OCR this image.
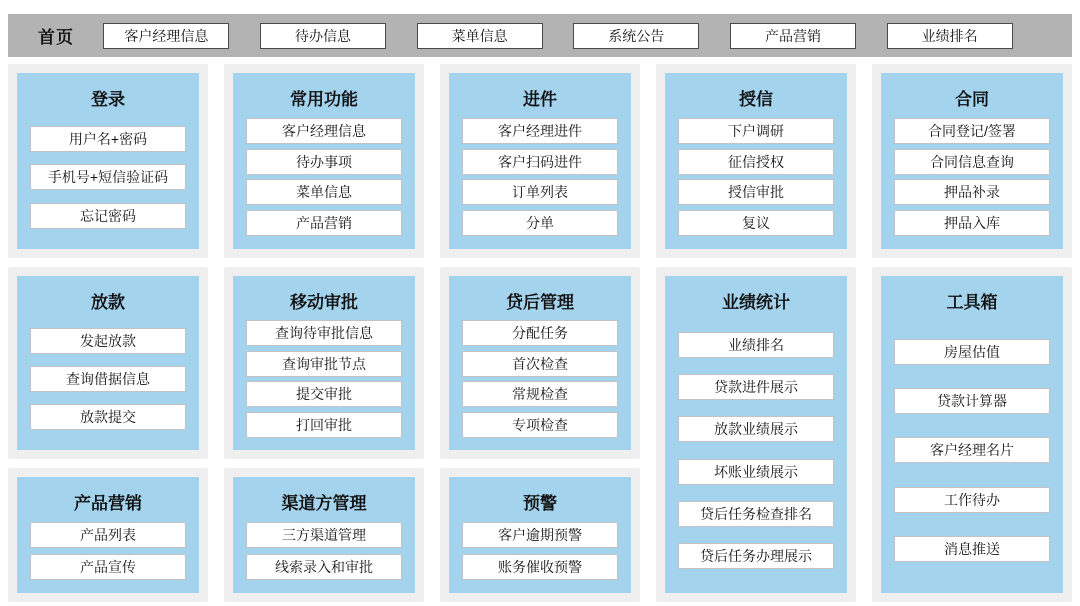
首页	客户经理信息	待办信息	菜单信息	系统公告	产品营销	业绩排名
登录
用户名+密码
手机号+短信验证码
忘记密码
常用功能
客户经理信息
待办事项
菜单信息
产品营销
进件
客户经理进件
客户扫码进件
订单列表
分单
授信
下户调研
征信授权
授信审批
复议
合同
合同登记/签署
合同信息查询
押品补录
押品入库
放款
发起放款
查询借据信息
放款提交
移动审批
查询待审批信息
查询审批节点
提交审批
打回审批
贷后管理
分配任务
首次检查
常规检查
专项检查
业绩统计
业绩排名
贷款进件展示
放款业绩展示
坏账业绩展示
贷后任务检查排名
贷后任务办理展示
工具箱
房屋估值
贷款计算器
客户经理名片
工作待办
消息推送
产品营销
产品列表
产品宣传
渠道方管理
三方渠道管理
线索录入和审批
预警
客户逾期预警
账务催收预警
